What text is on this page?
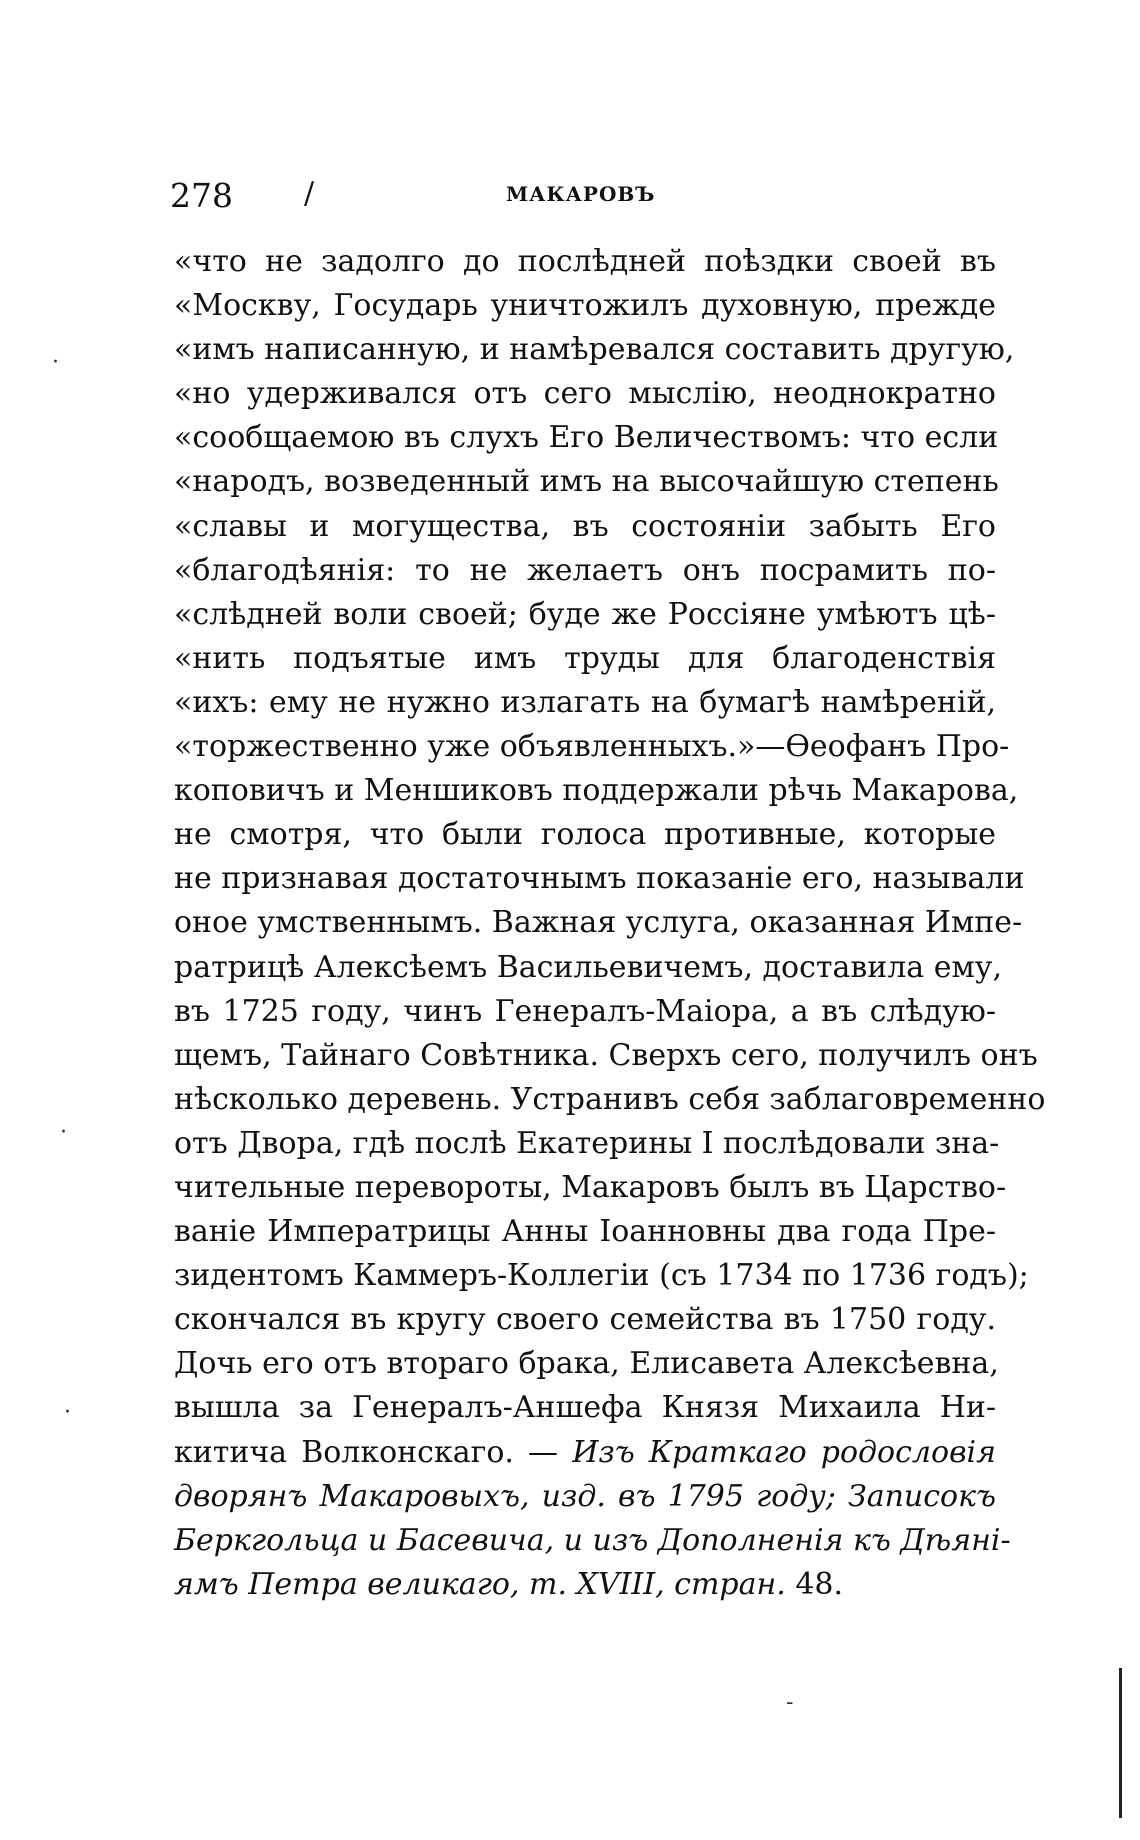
278 /	МАКАРОВЪ
«что не задолго до послѣдней поѣздки своей въ
«Москву, Государь уничтожилъ духовную, прежде
«имъ написанную, и намѣревался составить другую,
«но удерживался отъ сего мыслію, неоднократно
«сообщаемою въ слухъ Его Величествомъ: что если
«народъ, возведенный имъ на высочайшую степень
«славы и могущества, въ состояніи забыть Его
«благодѣянія: то не желаетъ онъ посрамить по-
«слѣдней воли своей; буде же Россіяне умѣютъ цѣ-
«нить подъятые имъ труды для благоденствія
«ихъ: ему не нужно излагать на бумагѣ намѣреній,
«торжественно уже объявленныхъ.»—Ѳеофанъ Про-
коповичъ и Меншиковъ поддержали рѣчь Макарова,
не смотря, что были голоса противные, которые
не признавая достаточнымъ показаніе его, называли
оное умственнымъ. Важная услуга, оказанная Импе-
ратрицѣ Алексѣемъ Васильевичемъ, доставила ему,
въ 1725 году, чинъ Генералъ-Маіора, а въ слѣдую-
щемъ, Тайнаго Совѣтника. Сверхъ сего, получилъ онъ
нѣсколько деревень. Устранивъ себя заблаговременно
отъ Двора, гдѣ послѣ Екатерины I послѣдовали зна-
чительные перевороты, Макаровъ былъ въ Царство-
ваніе Императрицы Анны Іоанновны два года Пре-
зидентомъ Каммеръ-Коллегіи (съ 1734 по 1736 годъ);
скончался въ кругу своего семейства въ 1750 году.
Дочь его отъ втораго брака, Елисавета Алексѣевна,
вышла за Генералъ-Аншефа Князя Михаила Ни-
китича Волконскаго. — Изъ Краткаго родословія
дворянъ Макаровыхъ, изд. въ 1795 году; Записокъ
Беркгольца и Басевича, и изъ Дополненія къ Дѣяні-
ямъ Петра великаго, т. XVIII, стран. 48.
·
·
·
-
